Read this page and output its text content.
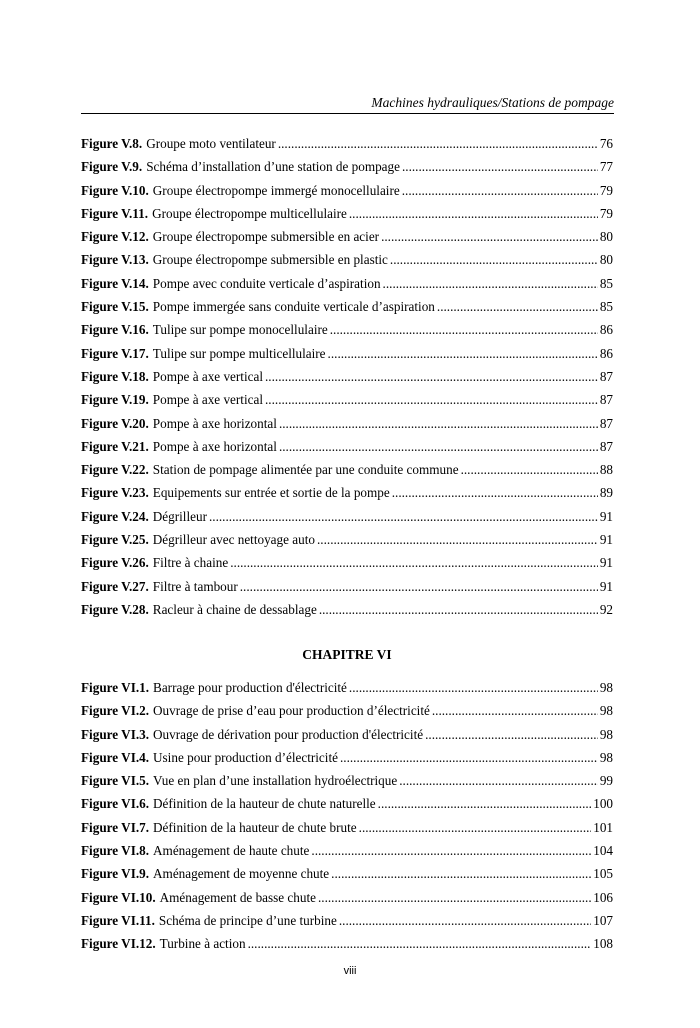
Machines hydrauliques/Stations de pompage
Figure V.8. Groupe moto ventilateur .....	76
Figure V.9. Schéma d’installation d’une station de pompage .....	77
Figure V.10. Groupe électropompe immergé monocellulaire .....	79
Figure V.11. Groupe électropompe multicellulaire .....	79
Figure V.12. Groupe électropompe submersible en acier .....	80
Figure V.13. Groupe électropompe submersible en plastic .....	80
Figure V.14. Pompe avec conduite verticale d’aspiration .....	85
Figure V.15. Pompe immergée sans conduite verticale d’aspiration .....	85
Figure V.16. Tulipe sur pompe monocellulaire .....	86
Figure V.17. Tulipe sur pompe multicellulaire .....	86
Figure V.18. Pompe à axe vertical .....	87
Figure V.19. Pompe à axe vertical .....	87
Figure V.20. Pompe à axe horizontal .....	87
Figure V.21. Pompe à axe horizontal .....	87
Figure V.22. Station de pompage alimentée par une conduite commune .....	88
Figure V.23. Equipements sur entrée et sortie de la pompe .....	89
Figure V.24. Dégrilleur .....	91
Figure V.25. Dégrilleur avec nettoyage auto .....	91
Figure V.26. Filtre à chaine .....	91
Figure V.27. Filtre à tambour .....	91
Figure V.28. Racleur à chaine de dessablage .....	92
CHAPITRE VI
Figure VI.1. Barrage pour production d'électricité .....	98
Figure VI.2. Ouvrage de prise d’eau pour production d’électricité .....	98
Figure VI.3. Ouvrage de dérivation pour production d'électricité .....	98
Figure VI.4. Usine pour production d’électricité .....	98
Figure VI.5. Vue en plan d’une installation hydroélectrique .....	99
Figure VI.6. Définition de la hauteur de chute naturelle .....	100
Figure VI.7. Définition de la hauteur de chute brute .....	101
Figure VI.8. Aménagement de haute chute .....	104
Figure VI.9. Aménagement de moyenne chute .....	105
Figure VI.10. Aménagement de basse chute .....	106
Figure VI.11. Schéma de principe d’une turbine .....	107
Figure VI.12. Turbine à action .....	108
viii
